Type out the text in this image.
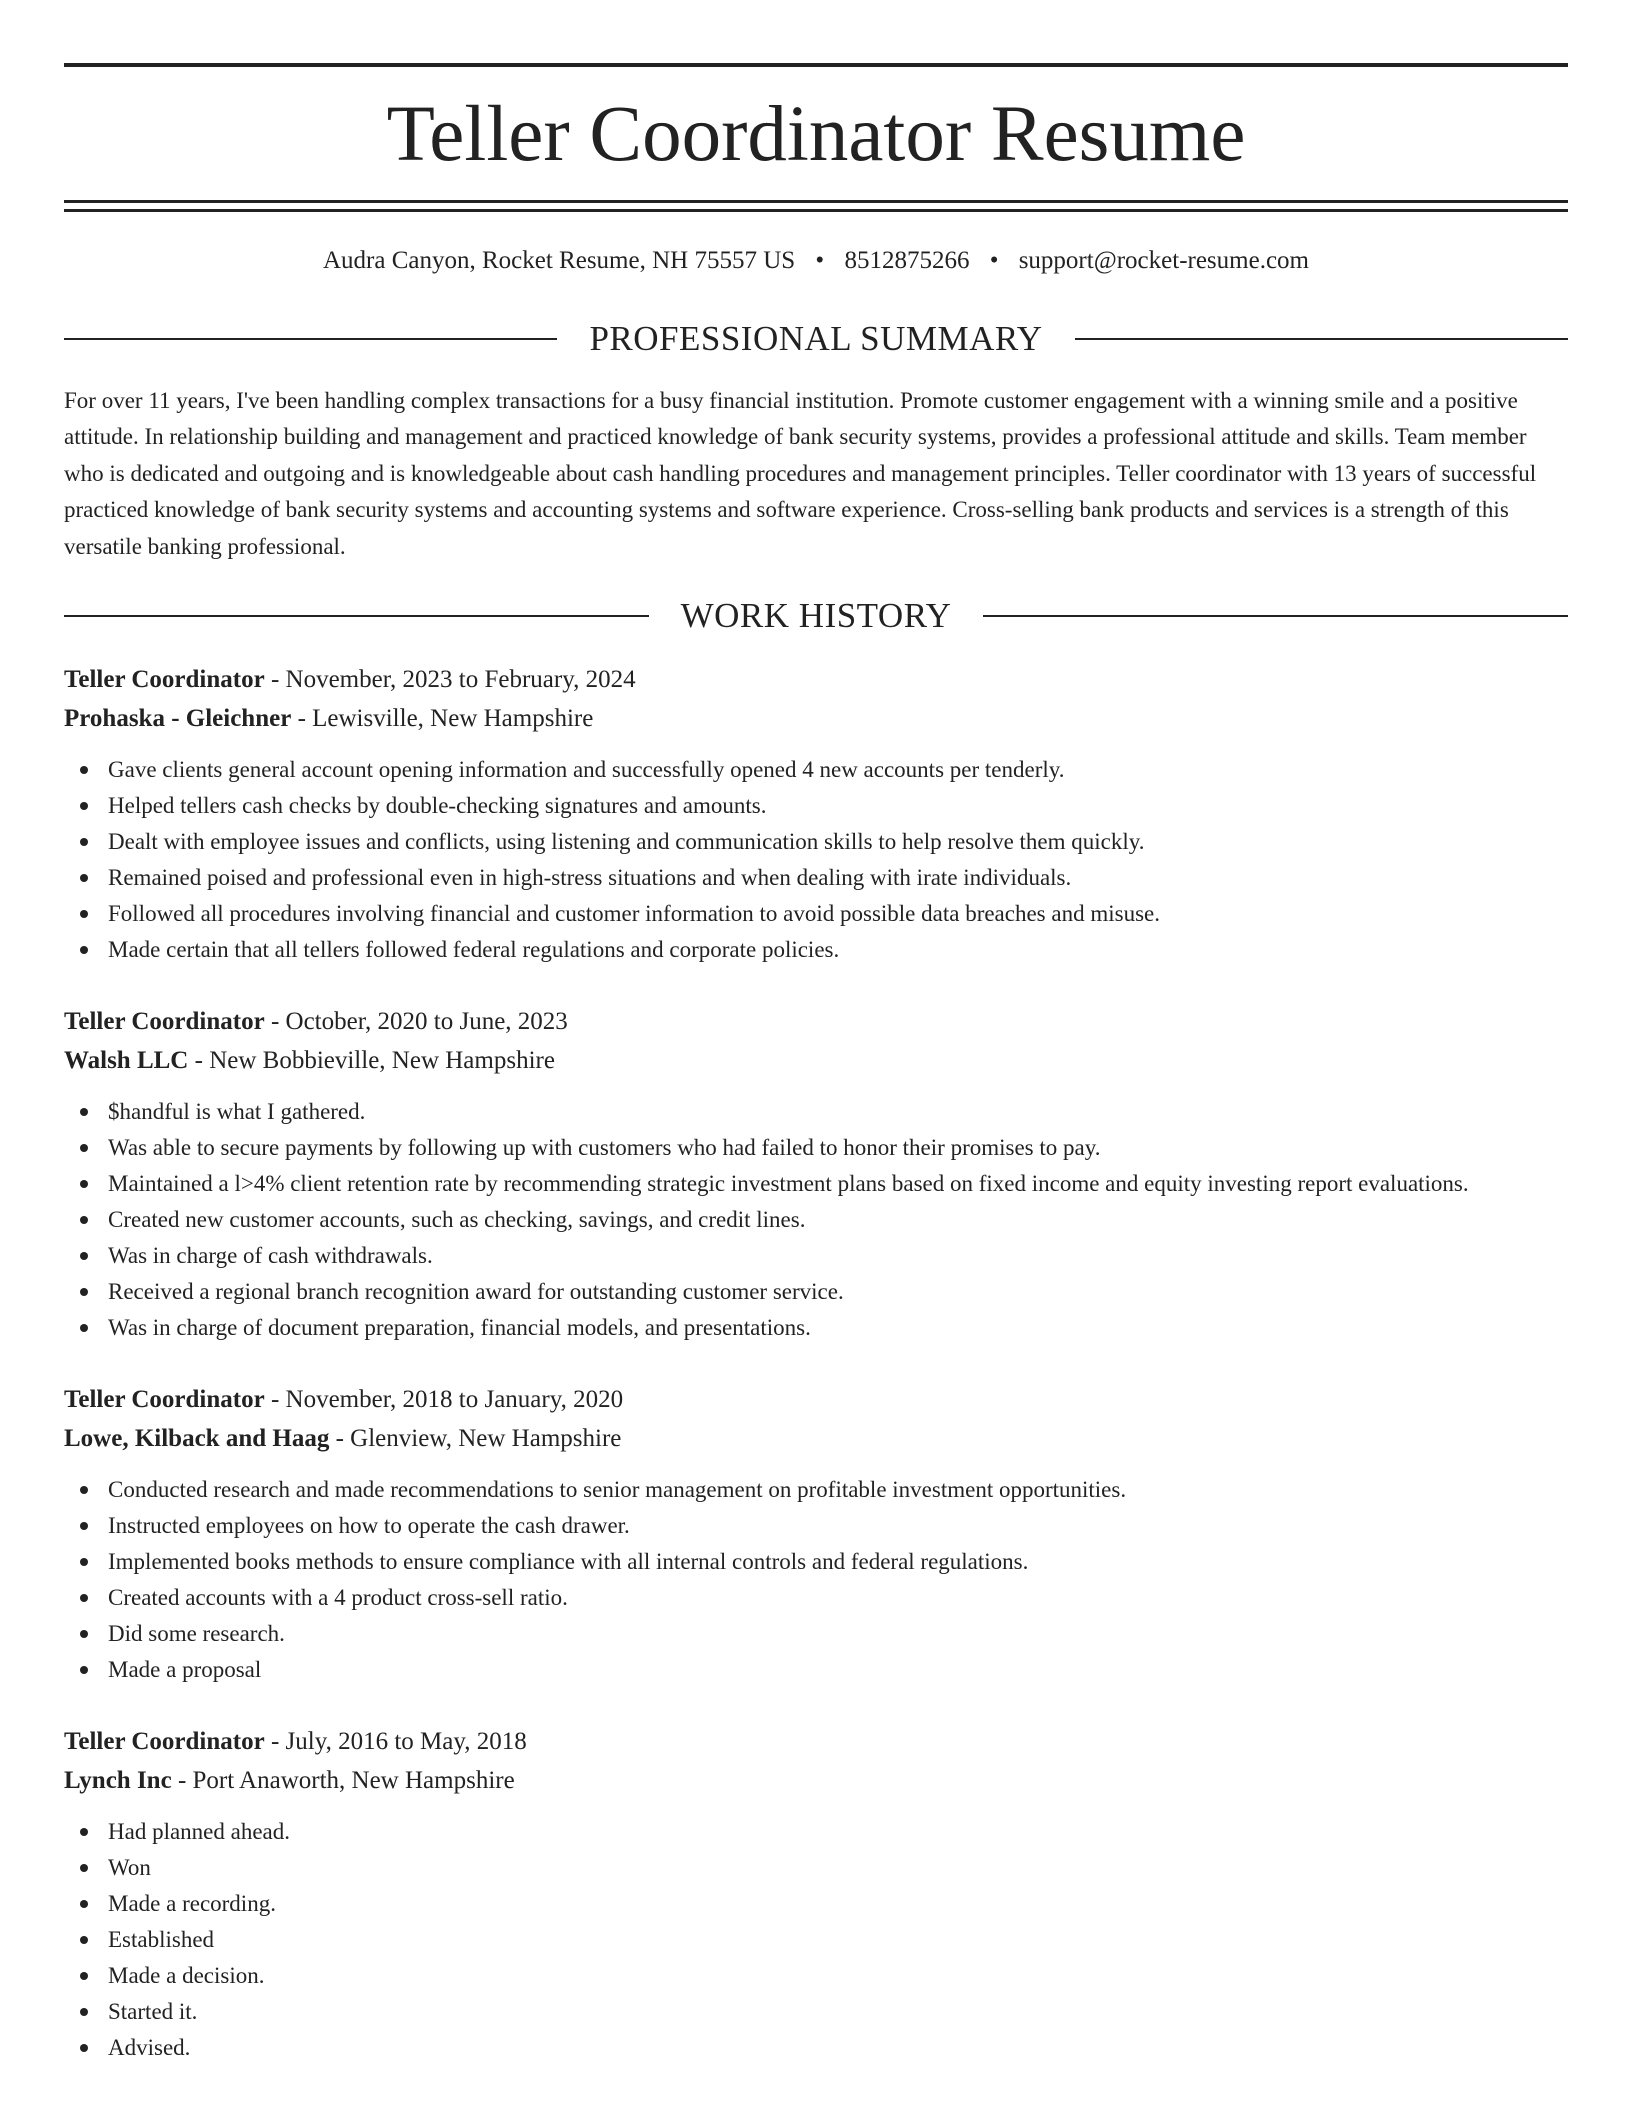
Teller Coordinator Resume
Audra Canyon, Rocket Resume, NH 75557 US • 8512875266 • support@rocket-resume.com
PROFESSIONAL SUMMARY
For over 11 years, I've been handling complex transactions for a busy financial institution. Promote customer engagement with a winning smile and a positive attitude. In relationship building and management and practiced knowledge of bank security systems, provides a professional attitude and skills. Team member who is dedicated and outgoing and is knowledgeable about cash handling procedures and management principles. Teller coordinator with 13 years of successful practiced knowledge of bank security systems and accounting systems and software experience. Cross-selling bank products and services is a strength of this versatile banking professional.
WORK HISTORY
Teller Coordinator - November, 2023 to February, 2024
Prohaska - Gleichner - Lewisville, New Hampshire
Gave clients general account opening information and successfully opened 4 new accounts per tenderly.
Helped tellers cash checks by double-checking signatures and amounts.
Dealt with employee issues and conflicts, using listening and communication skills to help resolve them quickly.
Remained poised and professional even in high-stress situations and when dealing with irate individuals.
Followed all procedures involving financial and customer information to avoid possible data breaches and misuse.
Made certain that all tellers followed federal regulations and corporate policies.
Teller Coordinator - October, 2020 to June, 2023
Walsh LLC - New Bobbieville, New Hampshire
$handful is what I gathered.
Was able to secure payments by following up with customers who had failed to honor their promises to pay.
Maintained a l>4% client retention rate by recommending strategic investment plans based on fixed income and equity investing report evaluations.
Created new customer accounts, such as checking, savings, and credit lines.
Was in charge of cash withdrawals.
Received a regional branch recognition award for outstanding customer service.
Was in charge of document preparation, financial models, and presentations.
Teller Coordinator - November, 2018 to January, 2020
Lowe, Kilback and Haag - Glenview, New Hampshire
Conducted research and made recommendations to senior management on profitable investment opportunities.
Instructed employees on how to operate the cash drawer.
Implemented books methods to ensure compliance with all internal controls and federal regulations.
Created accounts with a 4 product cross-sell ratio.
Did some research.
Made a proposal
Teller Coordinator - July, 2016 to May, 2018
Lynch Inc - Port Anaworth, New Hampshire
Had planned ahead.
Won
Made a recording.
Established
Made a decision.
Started it.
Advised.
